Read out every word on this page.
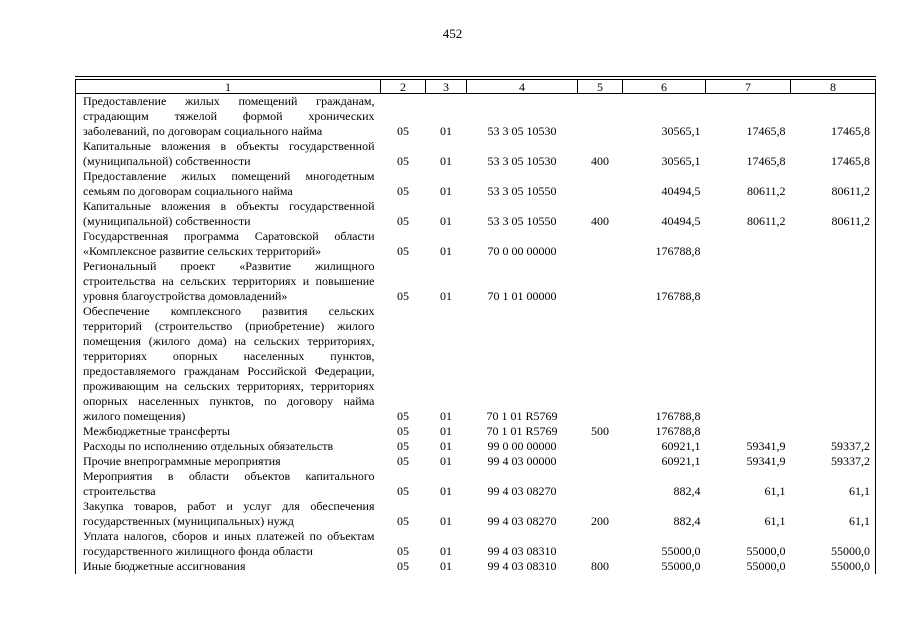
452
1	2	3	4	5	6	7	8
Предоставление жилых помещений гражданам, страдающим тяжелой формой хронических заболеваний, по договорам социального найма	05	01	53 3 05 10530		30565,1	17465,8	17465,8
Капитальные вложения в объекты государственной (муниципальной) собственности	05	01	53 3 05 10530	400	30565,1	17465,8	17465,8
Предоставление жилых помещений многодетным семьям по договорам социального найма	05	01	53 3 05 10550		40494,5	80611,2	80611,2
Капитальные вложения в объекты государственной (муниципальной) собственности	05	01	53 3 05 10550	400	40494,5	80611,2	80611,2
Государственная программа Саратовской области «Комплексное развитие сельских территорий»	05	01	70 0 00 00000		176788,8		
Региональный проект «Развитие жилищного строительства на сельских территориях и повышение уровня благоустройства домовладений»	05	01	70 1 01 00000		176788,8		
Обеспечение комплексного развития сельских территорий (строительство (приобретение) жилого помещения (жилого дома) на сельских территориях, территориях опорных населенных пунктов, предоставляемого гражданам Российской Федерации, проживающим на сельских территориях, территориях опорных населенных пунктов, по договору найма жилого помещения)	05	01	70 1 01 R5769		176788,8		
Межбюджетные трансферты	05	01	70 1 01 R5769	500	176788,8		
Расходы по исполнению отдельных обязательств	05	01	99 0 00 00000		60921,1	59341,9	59337,2
Прочие внепрограммные мероприятия	05	01	99 4 03 00000		60921,1	59341,9	59337,2
Мероприятия в области объектов капитального строительства	05	01	99 4 03 08270		882,4	61,1	61,1
Закупка товаров, работ и услуг для обеспечения государственных (муниципальных) нужд	05	01	99 4 03 08270	200	882,4	61,1	61,1
Уплата налогов, сборов и иных платежей по объектам государственного жилищного фонда области	05	01	99 4 03 08310		55000,0	55000,0	55000,0
Иные бюджетные ассигнования	05	01	99 4 03 08310	800	55000,0	55000,0	55000,0
